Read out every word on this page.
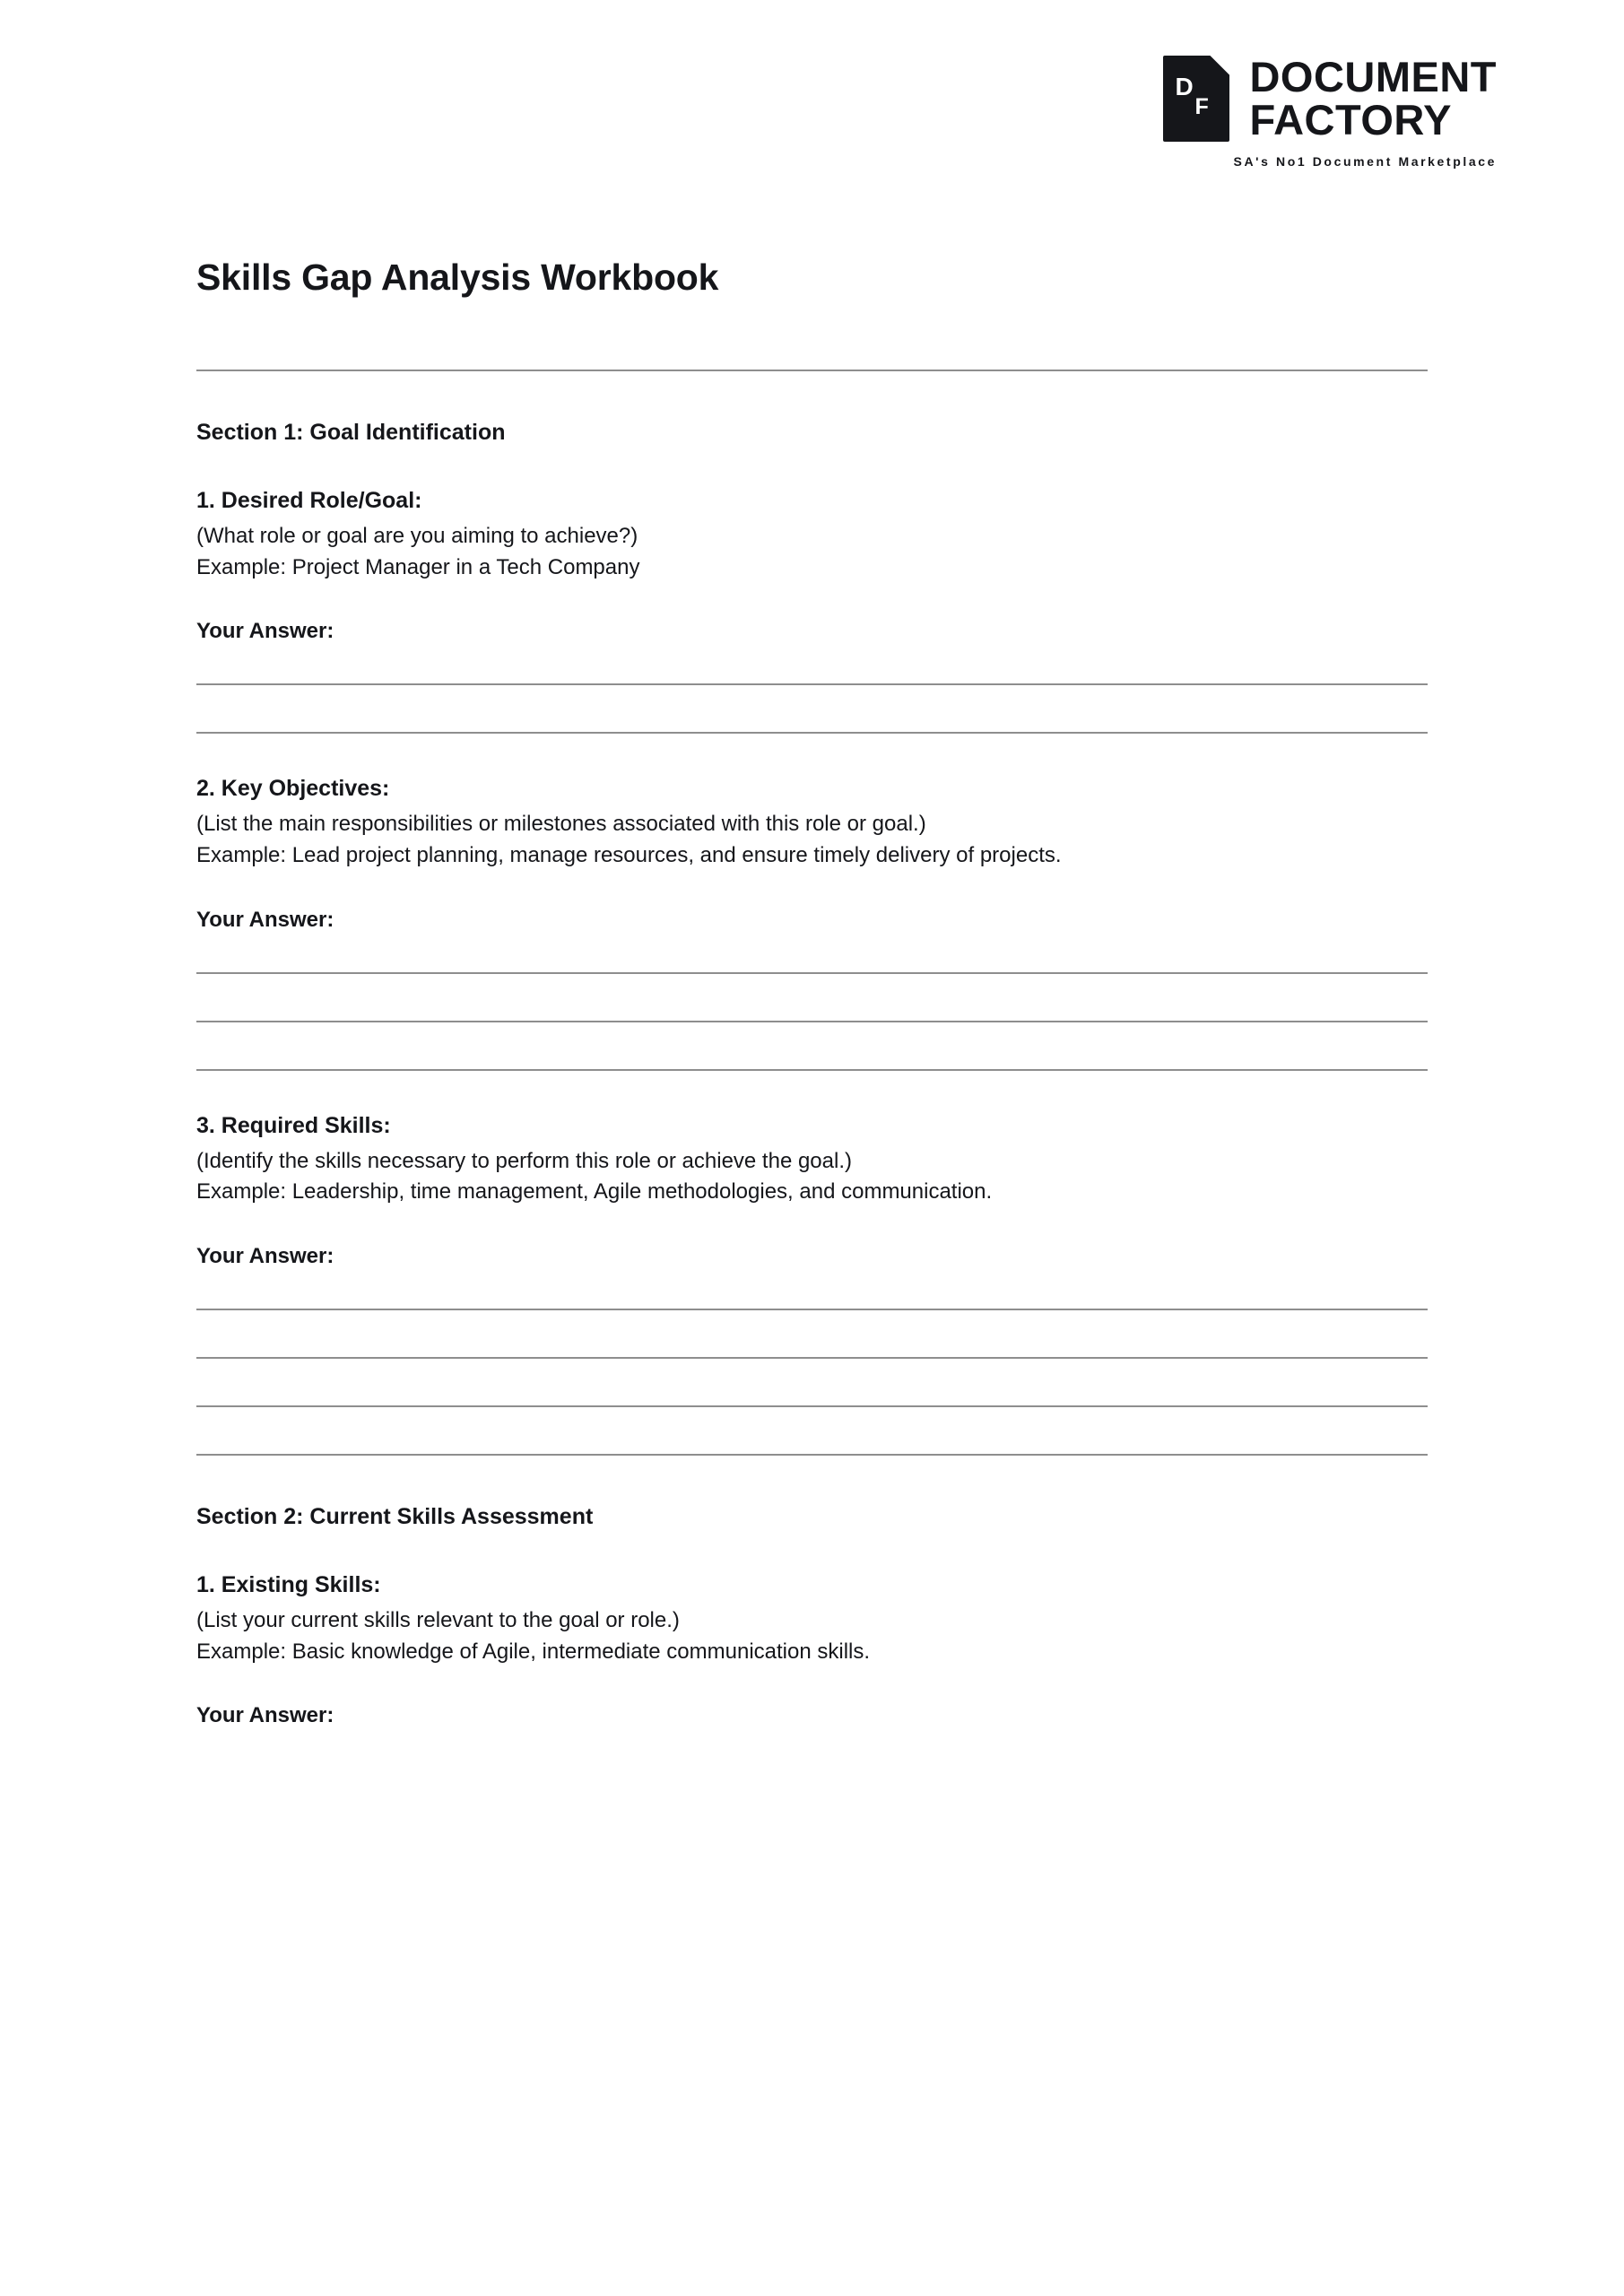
D
F
DOCUMENT
FACTORY
SA's No1 Document Marketplace
Skills Gap Analysis Workbook
Section 1: Goal Identification
1. Desired Role/Goal:
(What role or goal are you aiming to achieve?)
Example: Project Manager in a Tech Company
Your Answer:
2. Key Objectives:
(List the main responsibilities or milestones associated with this role or goal.)
Example: Lead project planning, manage resources, and ensure timely delivery of projects.
Your Answer:
3. Required Skills:
(Identify the skills necessary to perform this role or achieve the goal.)
Example: Leadership, time management, Agile methodologies, and communication.
Your Answer:
Section 2: Current Skills Assessment
1. Existing Skills:
(List your current skills relevant to the goal or role.)
Example: Basic knowledge of Agile, intermediate communication skills.
Your Answer:
